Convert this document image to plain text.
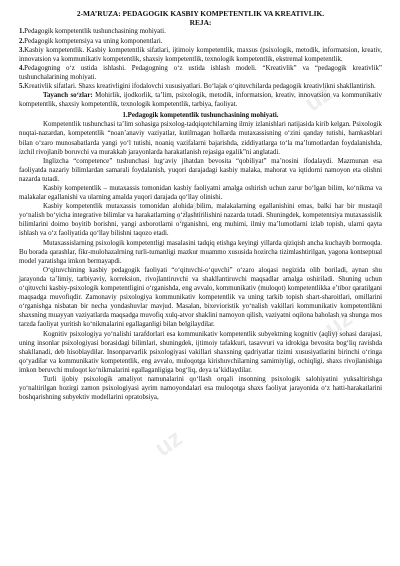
2-MA’RUZA: PEDAGOGIK KASBIY KOMPETENTLIK VA KREATIVLIK.

REJA:

1.Pedagogik kompetentlik tushunchasining mohiyati.

2.Pedagogik kompetensiya va uning komponentlari.

3.Kasbiy kompetentlik. Kasbiy kompetentlik sifatlari, ijtimoiy kompetentlik, maxsus (psixologik, metodik, informatsion, kreativ, innovatsion va kommunikativ kompetentlik, shaxsiy kompetentlik, texnologik kompetentlik, ekstremal kompetentlik.

4.Pedagogning o‘z ustida ishlashi. Pedagogning o‘z ustida ishlash modeli. “Kreativlik” va “pedagogik kreativlik” tushunchalarining mohiyati.

5.Kreativlik sifatlari. Shaxs kreativligini ifodalovchi xususiyatlari. Bo‘lajak o‘qituvchilarda pedagogik kreativlikni shakllantirish.

Tayanch so‘zlar: Mohirlik, ijodkorlik, ta’lim, psixologik, metodik, informatsion, kreativ, innovatsion va kommunikativ kompetentlik, shaxsiy kompetentlik, texnologik kompetentlik, tarbiya, faoliyat.

1.Pedagogik kompetentlik tushunchasining mohiyati.

Kompetentlik tushunchasi ta’lim sohasiga psixolog-tadqiqotchilarning ilmiy izlanishlari natijasida kirib kelgan. Psixologik nuqtai-nazardan, kompetentlik “noan’anaviy vaziyatlar, kutilmagan hollarda mutaxassisning o‘zini qanday tutishi, hamkasblari bilan o‘zaro munosabatlarda yangi yo‘l tutishi, noaniq vazifalarni bajarishda, ziddiyatlarga to‘la ma’lumotlardan foydalanishda, izchil rivojlanib boruvchi va murakkab jarayonlarda harakatlanish rejasiga egalik”ni anglatadi.

Inglizcha “competence” tushunchasi lug‘aviy jihatdan bevosita “qobiliyat” ma’nosini ifodalaydi. Mazmunan esa faoliyatda nazariy bilimlardan samarali foydalanish, yuqori darajadagi kasbiy malaka, mahorat va iqtidorni namoyon eta olishni nazarda tutadi.

Kasbiy kompetentlik – mutaxassis tomonidan kasbiy faoliyatni amalga oshirish uchun zarur bo‘lgan bilim, ko‘nikma va malakalar egallanishi va ularning amalda yuqori darajada qo‘llay olinishi.

Kasbiy kompetentlik mutaxassis tomonidan alohida bilim, malakalarning egallanishini emas, balki har bir mustaqil yo‘nalish bo‘yicha integrative bilimlar va harakatlarning o‘zlashtirilishini nazarda tutadi. Shuningdek, kompetentsiya mutaxassislik bilimlarini doimo boyitib borishni, yangi axborotlarni o‘rganishni, eng muhimi, ilmiy ma’lumotlarni izlab topish, ularni qayta ishlash va o‘z faoliyatida qo‘llay bilishni taqozo etadi.

Mutaxassislarning psixologik kompetentligi masalasini tadqiq etishga keyingi yillarda qiziqish ancha kuchayib bormoqda. Bu borada qarashlar, fikr-mulohazalrning turli-tumanligi mazkur muammo xususida hozircha tizimlashtirilgan, yagona kontseptual model yaratishga imkon bermayapdi.

O‘qituvchining kasbiy pedagogik faoliyati “o‘qituvchi-o‘quvchi” o‘zaro aloqasi negizida olib boriladi, aynan shu jarayonda ta’limiy, tarbiyaviy, korreksion, rivojlantiruvchi va shakllantiruvchi maqsadlar amalga oshiriladi. Shuning uchun o‘qituvchi kasbiy-psixologik kompetentligini o‘rganishda, eng avvalo, kommunikativ (muloqot) kompetentlikka e’tibor qaratilgani maqsadga muvofiqdir. Zamonaviy psixologiya kommunikativ kompetentlik va uning tarkib topish shart-sharoitlari, omillarini o‘rganishga nisbatan bir necha yondashuvlar mavjud. Masalan, bixevioristik yo‘nalish vakillari kommunikativ kompetentlikni shaxsning muayyan vaziyatlarda maqsadga muvofiq xulq-atvor shaklini namoyon qilish, vaziyatni oqilona baholash va shunga mos tarzda faoliyat yuritish ko‘nikmalarini egallaganligi bilan belgilaydilar.

Kognitiv psixologiya yo‘nalishi tarafdorlari esa kommunikativ kompetentlik subyektning kognitiv (aqliy) sohasi darajasi, uning insonlar psixologiyasi borasidagi bilimlari, shuningdek, ijtimoiy tafakkuri, tasavvuri va idrokiga bevosita bog‘liq ravishda shakllanadi, deb hisoblaydilar. Insonparvarlik psixologiyasi vakillari shaxsning qadriyatlar tizimi xususiyatlarini birinchi o‘ringa qo‘yadilar va kommunikativ kompetentlik, eng avvalo, muloqotga kirishuvchilarning samimiyligi, ochiqligi, shaxs rivojlanishiga imkon beruvchi muloqot ko‘nikmalarini egallaganligiga bog‘liq, deya ta’kidlaydilar.

Turli ijobiy psixologik amaliyot namunalarini qo‘llash orqali insonning psixologik salohiyatini yuksaltirishga yo‘naltirilgan hozirgi zamon psixologiyasi ayrim namoyondalari esa muloqotga shaxs faoliyat jarayonida o‘z hatti-harakatlarini boshqarishning subyektiv modellarini opratobsiya,

uz
uz
uz
uz
